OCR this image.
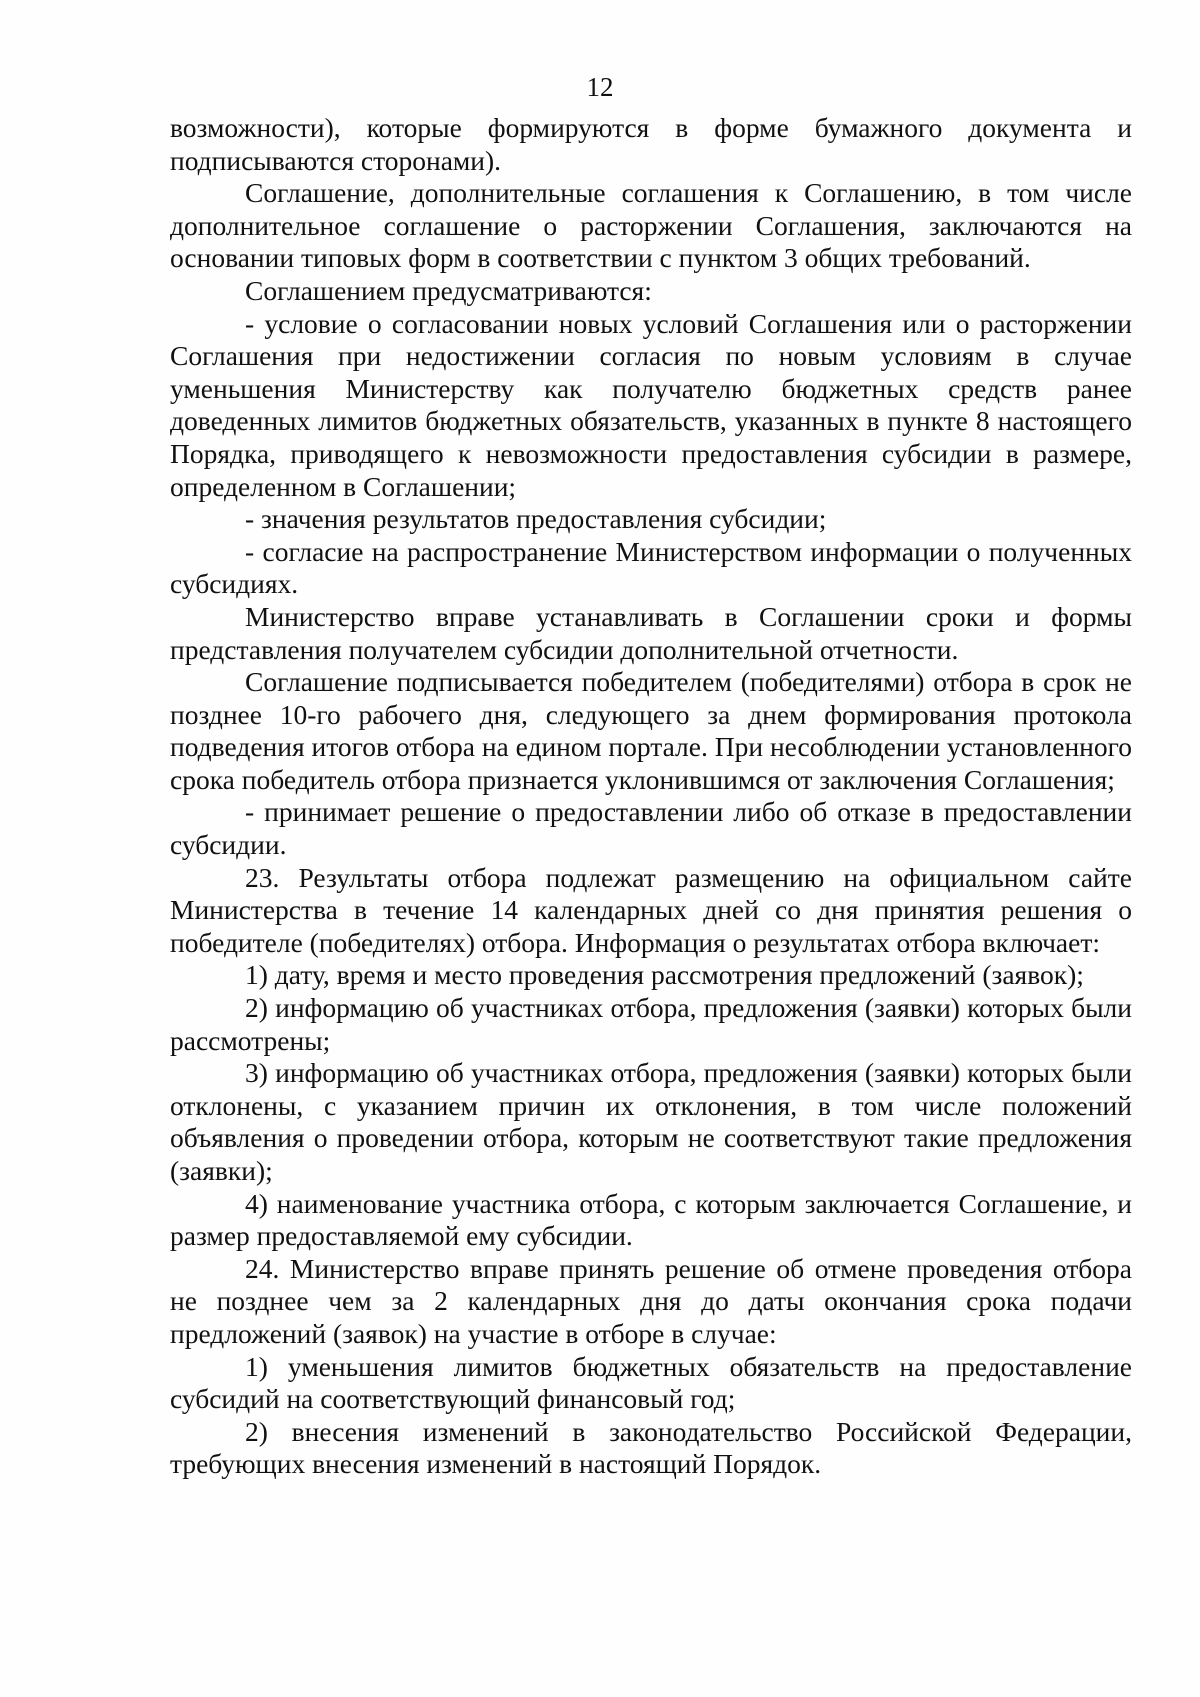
12

возможности), которые формируются в форме бумажного документа и подписываются сторонами).

Соглашение, дополнительные соглашения к Соглашению, в том числе дополнительное соглашение о расторжении Соглашения, заключаются на основании типовых форм в соответствии с пунктом 3 общих требований.

Соглашением предусматриваются:

- условие о согласовании новых условий Соглашения или о расторжении Соглашения при недостижении согласия по новым условиям в случае уменьшения Министерству как получателю бюджетных средств ранее доведенных лимитов бюджетных обязательств, указанных в пункте 8 настоящего Порядка, приводящего к невозможности предоставления субсидии в размере, определенном в Соглашении;

- значения результатов предоставления субсидии;

- согласие на распространение Министерством информации о полученных субсидиях.

Министерство вправе устанавливать в Соглашении сроки и формы представления получателем субсидии дополнительной отчетности.

Соглашение подписывается победителем (победителями) отбора в срок не позднее 10-го рабочего дня, следующего за днем формирования протокола подведения итогов отбора на едином портале. При несоблюдении установленного срока победитель отбора признается уклонившимся от заключения Соглашения;

- принимает решение о предоставлении либо об отказе в предоставлении субсидии.

23. Результаты отбора подлежат размещению на официальном сайте Министерства в течение 14 календарных дней со дня принятия решения о победителе (победителях) отбора. Информация о результатах отбора включает:

1) дату, время и место проведения рассмотрения предложений (заявок);

2) информацию об участниках отбора, предложения (заявки) которых были рассмотрены;

3) информацию об участниках отбора, предложения (заявки) которых были отклонены, с указанием причин их отклонения, в том числе положений объявления о проведении отбора, которым не соответствуют такие предложения (заявки);

4) наименование участника отбора, с которым заключается Соглашение, и размер предоставляемой ему субсидии.

24. Министерство вправе принять решение об отмене проведения отбора не позднее чем за 2 календарных дня до даты окончания срока подачи предложений (заявок) на участие в отборе в случае:

1) уменьшения лимитов бюджетных обязательств на предоставление субсидий на соответствующий финансовый год;

2) внесения изменений в законодательство Российской Федерации, требующих внесения изменений в настоящий Порядок.
